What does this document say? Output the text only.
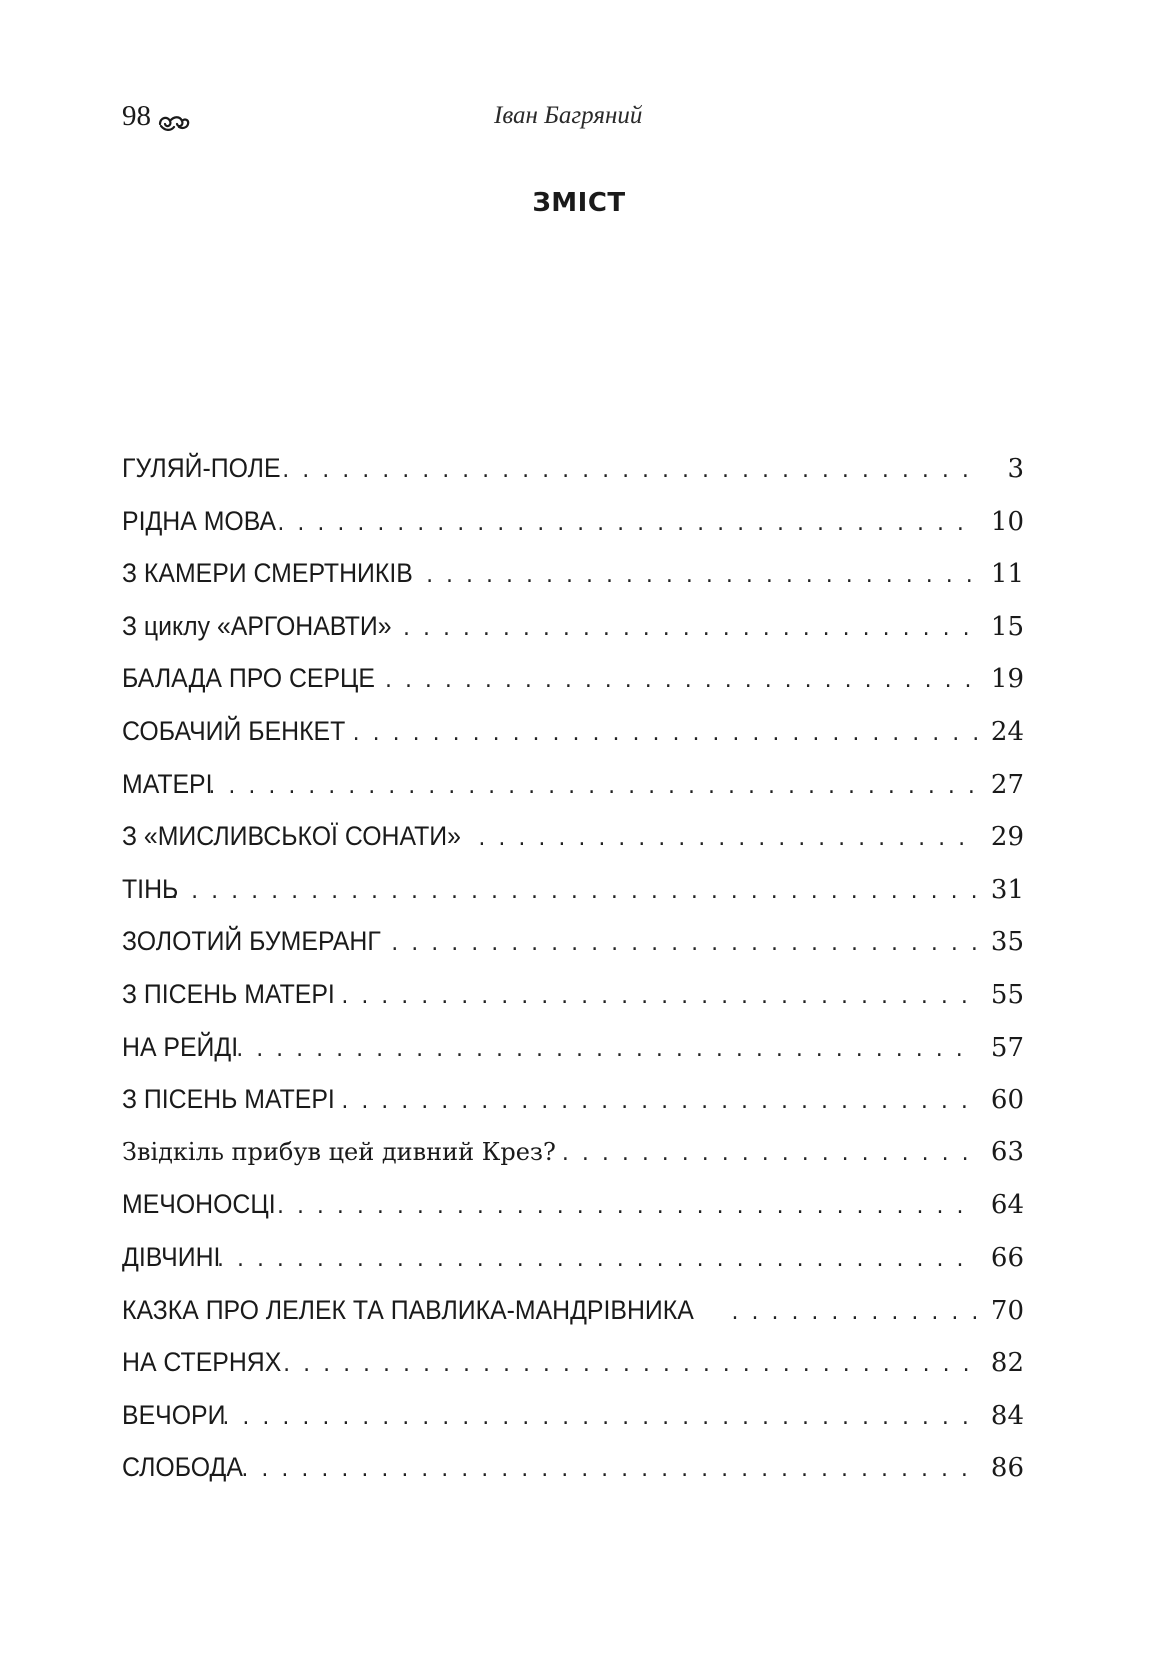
98	Іван Багряний
ЗМІСТ
ГУЛЯЙ-ПОЛЕ . . .	3
РІДНА МОВА . . .	10
З КАМЕРИ СМЕРТНИКІВ . . .	11
З циклу «АРГОНАВТИ» . . .	15
БАЛАДА ПРО СЕРЦЕ . . .	19
СОБАЧИЙ БЕНКЕТ . . .	24
МАТЕРІ . . .	27
З «МИСЛИВСЬКОЇ СОНАТИ» . . .	29
ТІНЬ . . .	31
ЗОЛОТИЙ БУМЕРАНГ . . .	35
З ПІСЕНЬ МАТЕРІ . . .	55
НА РЕЙДІ . . .	57
З ПІСЕНЬ МАТЕРІ . . .	60
Звідкіль прибув цей дивний Крез? . . .	63
МЕЧОНОСЦІ . . .	64
ДІВЧИНІ . . .	66
КАЗКА ПРО ЛЕЛЕК ТА ПАВЛИКА-МАНДРІВНИКА . . .	70
НА СТЕРНЯХ . . .	82
ВЕЧОРИ . . .	84
СЛОБОДА . . .	86
